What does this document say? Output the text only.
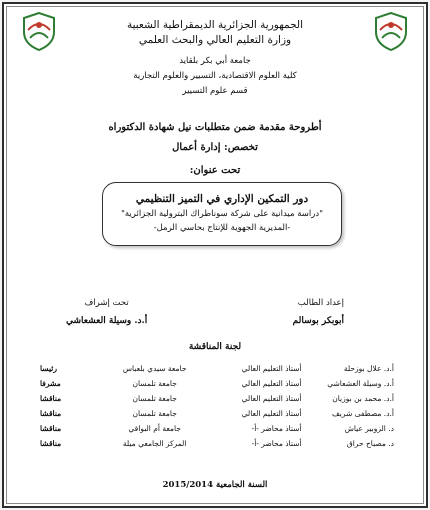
الجمهورية الجزائرية الديمقراطية الشعبية
وزارة التعليم العالي والبحث العلمي
جامعة أبي بكر بلقايد
كلية العلوم الاقتصادية، التسيير والعلوم التجارية
قسم علوم التسيير
أطروحة مقدمة ضمن متطلبات نيل شهادة الدكتوراه
تخصص: إدارة أعمال
تحت عنوان:
دور التمكين الإداري في التميز التنظيمي
"دراسة ميدانية على شركة سوناطراك البترولية الجزائرية"
-المديرية الجهوية للإنتاج بحاسي الرمل-
إعداد الطالب
أبوبكر بوسالم
تحت إشراف
أ.د. وسيلة العشعاشي
لجنة المناقشة
أ.د. علال بوزحلة	أستاذ التعليم العالي	جامعة سيدي بلعباس	رئيسا
أ.د. وسيلة العشعاشي	أستاذ التعليم العالي	جامعة تلمسان	مشرفا
أ.د. محمد بن بوزيان	أستاذ التعليم العالي	جامعة تلمسان	مناقشا
أ.د. مصطفى شريف	أستاذ التعليم العالي	جامعة تلمسان	مناقشا
د. الزوبير عياش	أستاذ محاضر -أ-	جامعة أم البواقي	مناقشا
د. مصباح حراق	أستاذ محاضر -أ-	المركز الجامعي ميلة	مناقشا
السنة الجامعية 2015/2014
